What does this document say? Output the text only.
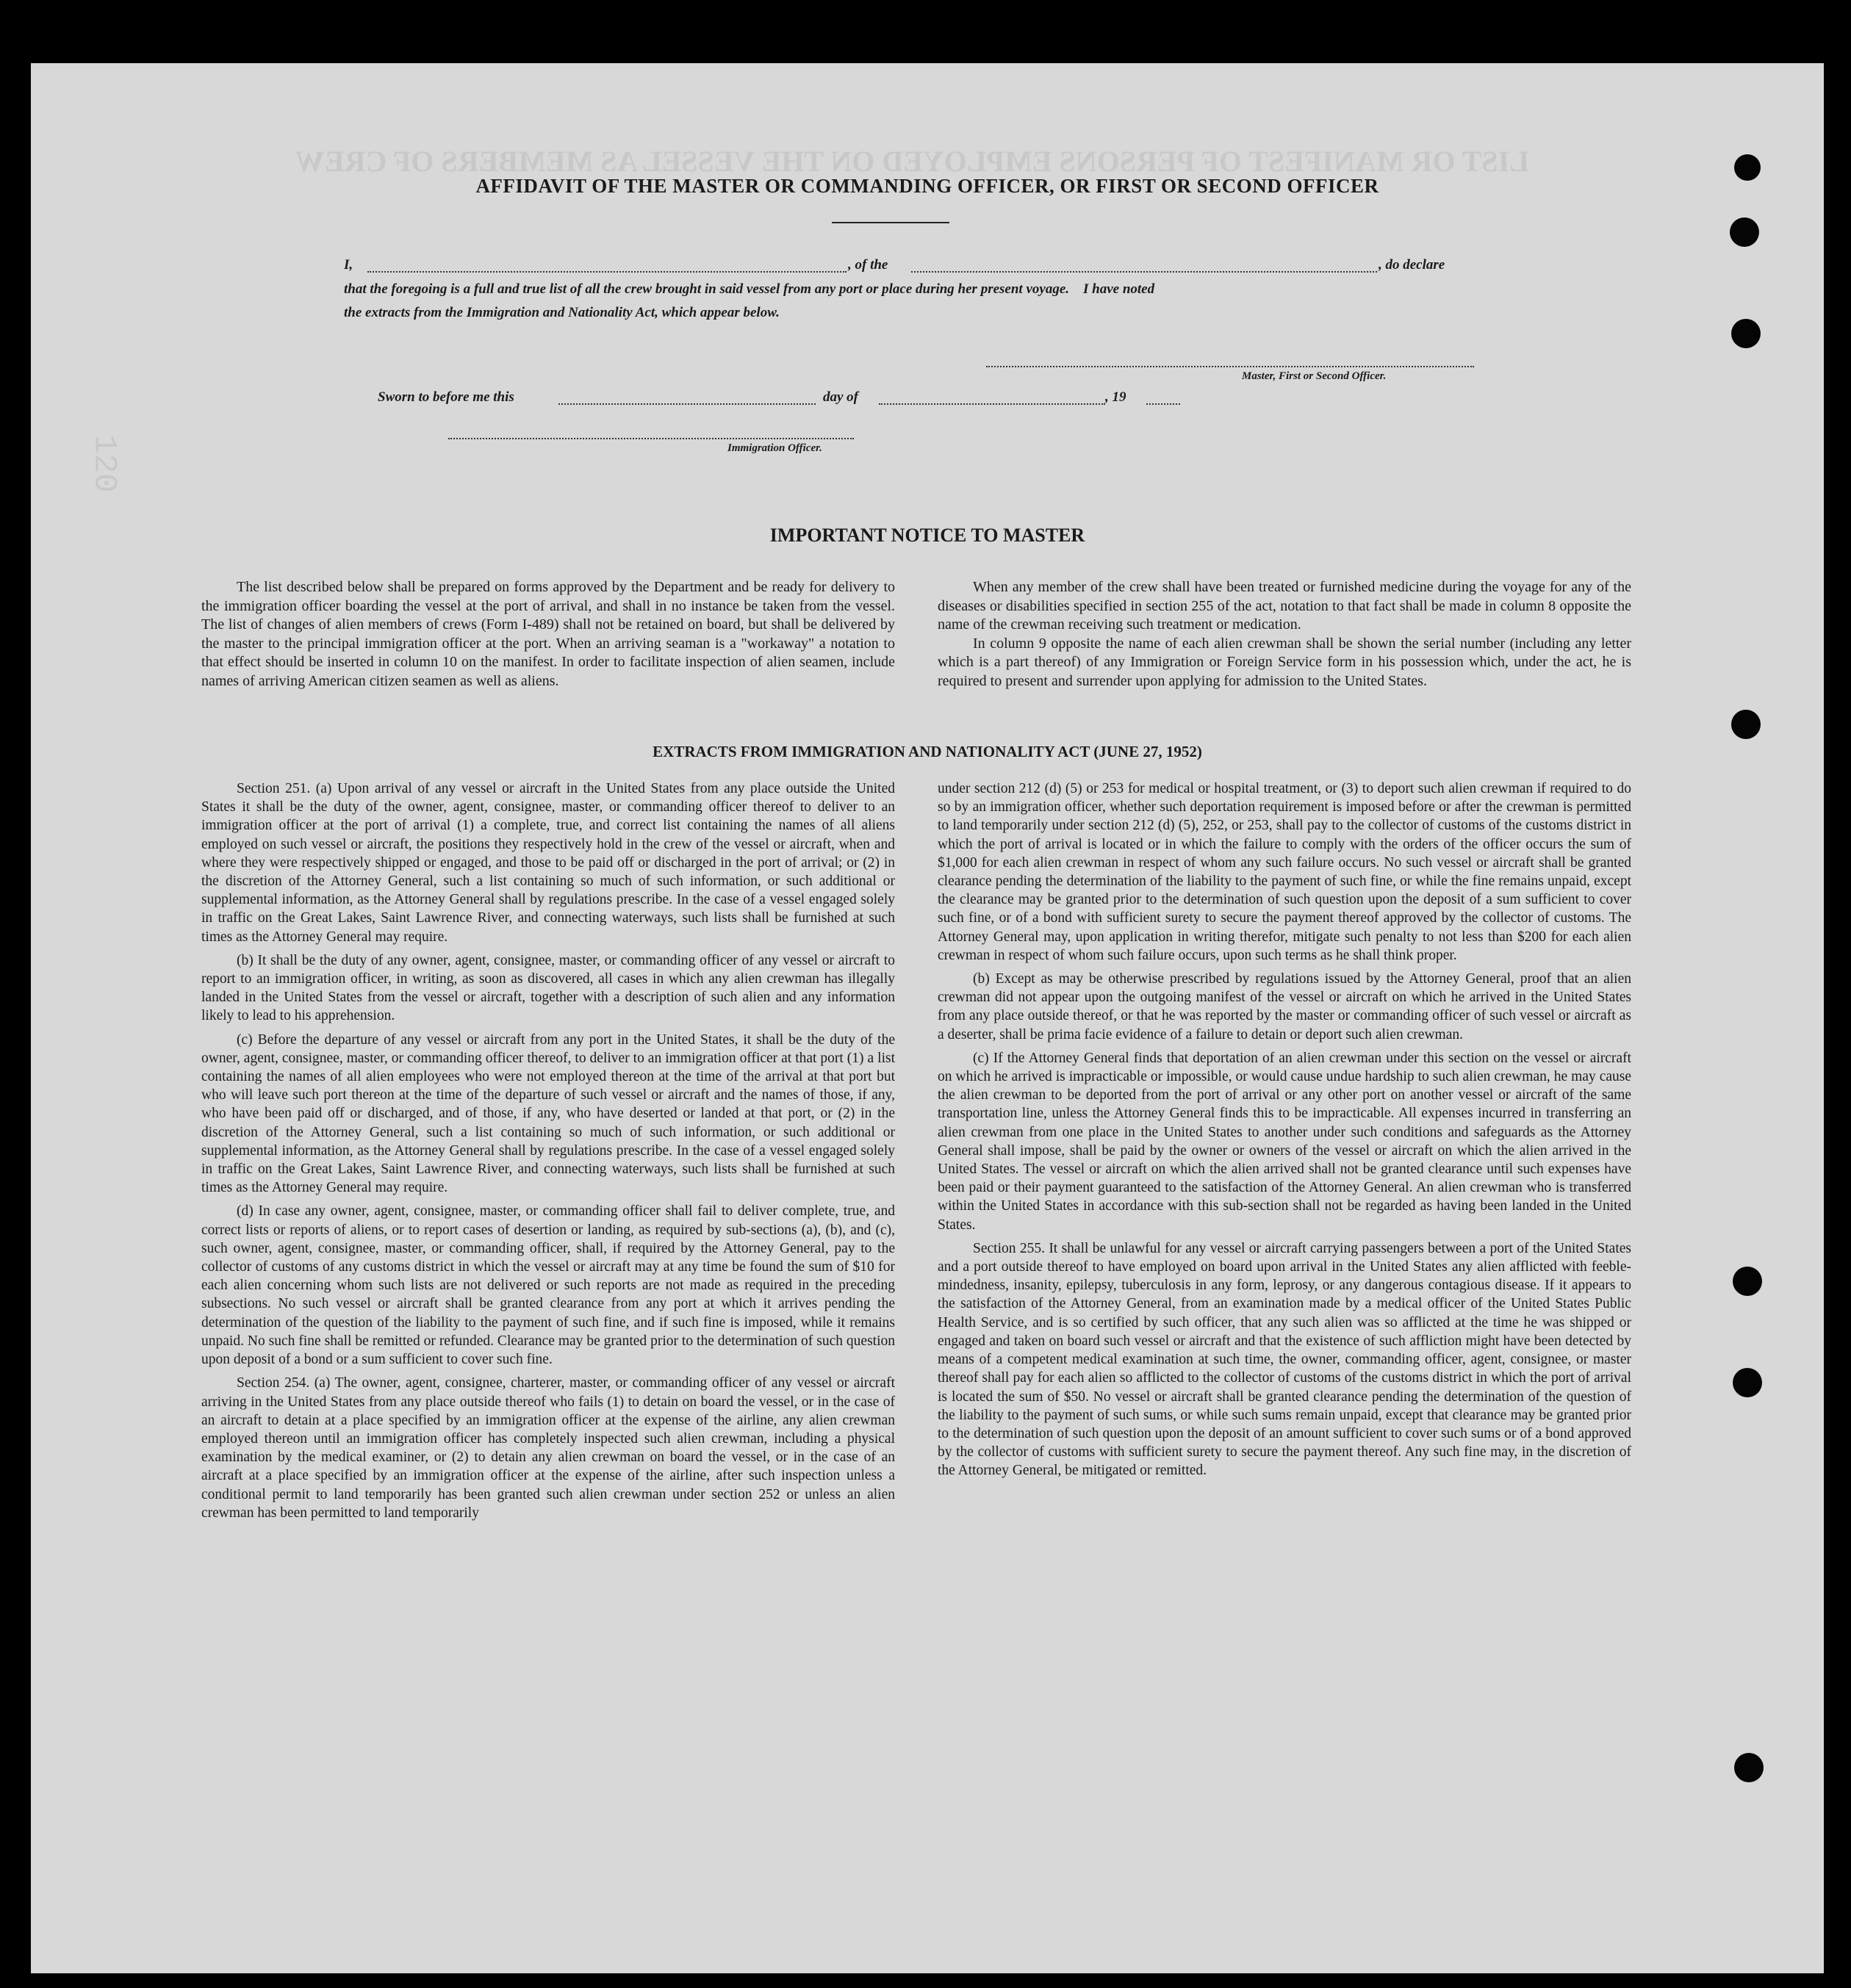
LIST OR MANIFEST OF PERSONS EMPLOYED ON THE VESSEL AS MEMBERS OF CREW
120
AFFIDAVIT OF THE MASTER OR COMMANDING OFFICER, OR FIRST OR SECOND OFFICER
I,	, of the	, do declare
that the foregoing is a full and true list of all the crew brought in said vessel from any port or place during her present voyage.    I have noted
the extracts from the Immigration and Nationality Act, which appear below.
Master, First or Second Officer.
Sworn to before me this	day of	, 19
Immigration Officer.
IMPORTANT NOTICE TO MASTER

The list described below shall be prepared on forms approved by the Department and be ready for delivery to the immigration officer boarding the vessel at the port of arrival, and shall in no instance be taken from the vessel. The list of changes of alien members of crews (Form I-489) shall not be retained on board, but shall be delivered by the master to the principal immigration officer at the port. When an arriving seaman is a "workaway" a notation to that effect should be inserted in column 10 on the manifest. In order to facilitate inspection of alien seamen, include names of arriving American citizen seamen as well as aliens.

When any member of the crew shall have been treated or furnished medicine during the voyage for any of the diseases or disabilities specified in section 255 of the act, notation to that fact shall be made in column 8 opposite the name of the crewman receiving such treatment or medication.

In column 9 opposite the name of each alien crewman shall be shown the serial number (including any letter which is a part thereof) of any Immigration or Foreign Service form in his possession which, under the act, he is required to present and surrender upon applying for admission to the United States.

EXTRACTS FROM IMMIGRATION AND NATIONALITY ACT (JUNE 27, 1952)

Section 251. (a) Upon arrival of any vessel or aircraft in the United States from any place outside the United States it shall be the duty of the owner, agent, consignee, master, or commanding officer thereof to deliver to an immigration officer at the port of arrival (1) a complete, true, and correct list containing the names of all aliens employed on such vessel or aircraft, the positions they respectively hold in the crew of the vessel or aircraft, when and where they were respectively shipped or engaged, and those to be paid off or discharged in the port of arrival; or (2) in the discretion of the Attorney General, such a list containing so much of such information, or such additional or supplemental information, as the Attorney General shall by regulations prescribe. In the case of a vessel engaged solely in traffic on the Great Lakes, Saint Lawrence River, and connecting waterways, such lists shall be furnished at such times as the Attorney General may require.

(b) It shall be the duty of any owner, agent, consignee, master, or commanding officer of any vessel or aircraft to report to an immigration officer, in writing, as soon as discovered, all cases in which any alien crewman has illegally landed in the United States from the vessel or aircraft, together with a description of such alien and any information likely to lead to his apprehension.

(c) Before the departure of any vessel or aircraft from any port in the United States, it shall be the duty of the owner, agent, consignee, master, or commanding officer thereof, to deliver to an immigration officer at that port (1) a list containing the names of all alien employees who were not employed thereon at the time of the arrival at that port but who will leave such port thereon at the time of the departure of such vessel or aircraft and the names of those, if any, who have been paid off or discharged, and of those, if any, who have deserted or landed at that port, or (2) in the discretion of the Attorney General, such a list containing so much of such information, or such additional or supplemental information, as the Attorney General shall by regulations prescribe. In the case of a vessel engaged solely in traffic on the Great Lakes, Saint Lawrence River, and connecting waterways, such lists shall be furnished at such times as the Attorney General may require.

(d) In case any owner, agent, consignee, master, or commanding officer shall fail to deliver complete, true, and correct lists or reports of aliens, or to report cases of desertion or landing, as required by sub-sections (a), (b), and (c), such owner, agent, consignee, master, or commanding officer, shall, if required by the Attorney General, pay to the collector of customs of any customs district in which the vessel or aircraft may at any time be found the sum of $10 for each alien concerning whom such lists are not delivered or such reports are not made as required in the preceding subsections. No such vessel or aircraft shall be granted clearance from any port at which it arrives pending the determination of the question of the liability to the payment of such fine, and if such fine is imposed, while it remains unpaid. No such fine shall be remitted or refunded. Clearance may be granted prior to the determination of such question upon deposit of a bond or a sum sufficient to cover such fine.

Section 254. (a) The owner, agent, consignee, charterer, master, or commanding officer of any vessel or aircraft arriving in the United States from any place outside thereof who fails (1) to detain on board the vessel, or in the case of an aircraft to detain at a place specified by an immigration officer at the expense of the airline, any alien crewman employed thereon until an immigration officer has completely inspected such alien crewman, including a physical examination by the medical examiner, or (2) to detain any alien crewman on board the vessel, or in the case of an aircraft at a place specified by an immigration officer at the expense of the airline, after such inspection unless a conditional permit to land temporarily has been granted such alien crewman under section 252 or unless an alien crewman has been permitted to land temporarily

under section 212 (d) (5) or 253 for medical or hospital treatment, or (3) to deport such alien crewman if required to do so by an immigration officer, whether such deportation requirement is imposed before or after the crewman is permitted to land temporarily under section 212 (d) (5), 252, or 253, shall pay to the collector of customs of the customs district in which the port of arrival is located or in which the failure to comply with the orders of the officer occurs the sum of $1,000 for each alien crewman in respect of whom any such failure occurs. No such vessel or aircraft shall be granted clearance pending the determination of the liability to the payment of such fine, or while the fine remains unpaid, except the clearance may be granted prior to the determination of such question upon the deposit of a sum sufficient to cover such fine, or of a bond with sufficient surety to secure the payment thereof approved by the collector of customs. The Attorney General may, upon application in writing therefor, mitigate such penalty to not less than $200 for each alien crewman in respect of whom such failure occurs, upon such terms as he shall think proper.

(b) Except as may be otherwise prescribed by regulations issued by the Attorney General, proof that an alien crewman did not appear upon the outgoing manifest of the vessel or aircraft on which he arrived in the United States from any place outside thereof, or that he was reported by the master or commanding officer of such vessel or aircraft as a deserter, shall be prima facie evidence of a failure to detain or deport such alien crewman.

(c) If the Attorney General finds that deportation of an alien crewman under this section on the vessel or aircraft on which he arrived is impracticable or impossible, or would cause undue hardship to such alien crewman, he may cause the alien crewman to be deported from the port of arrival or any other port on another vessel or aircraft of the same transportation line, unless the Attorney General finds this to be impracticable. All expenses incurred in transferring an alien crewman from one place in the United States to another under such conditions and safeguards as the Attorney General shall impose, shall be paid by the owner or owners of the vessel or aircraft on which the alien arrived in the United States. The vessel or aircraft on which the alien arrived shall not be granted clearance until such expenses have been paid or their payment guaranteed to the satisfaction of the Attorney General. An alien crewman who is transferred within the United States in accordance with this sub-section shall not be regarded as having been landed in the United States.

Section 255. It shall be unlawful for any vessel or aircraft carrying passengers between a port of the United States and a port outside thereof to have employed on board upon arrival in the United States any alien afflicted with feeble-mindedness, insanity, epilepsy, tuberculosis in any form, leprosy, or any dangerous contagious disease. If it appears to the satisfaction of the Attorney General, from an examination made by a medical officer of the United States Public Health Service, and is so certified by such officer, that any such alien was so afflicted at the time he was shipped or engaged and taken on board such vessel or aircraft and that the existence of such affliction might have been detected by means of a competent medical examination at such time, the owner, commanding officer, agent, consignee, or master thereof shall pay for each alien so afflicted to the collector of customs of the customs district in which the port of arrival is located the sum of $50. No vessel or aircraft shall be granted clearance pending the determination of the question of the liability to the payment of such sums, or while such sums remain unpaid, except that clearance may be granted prior to the determination of such question upon the deposit of an amount sufficient to cover such sums or of a bond approved by the collector of customs with sufficient surety to secure the payment thereof. Any such fine may, in the discretion of the Attorney General, be mitigated or remitted.
